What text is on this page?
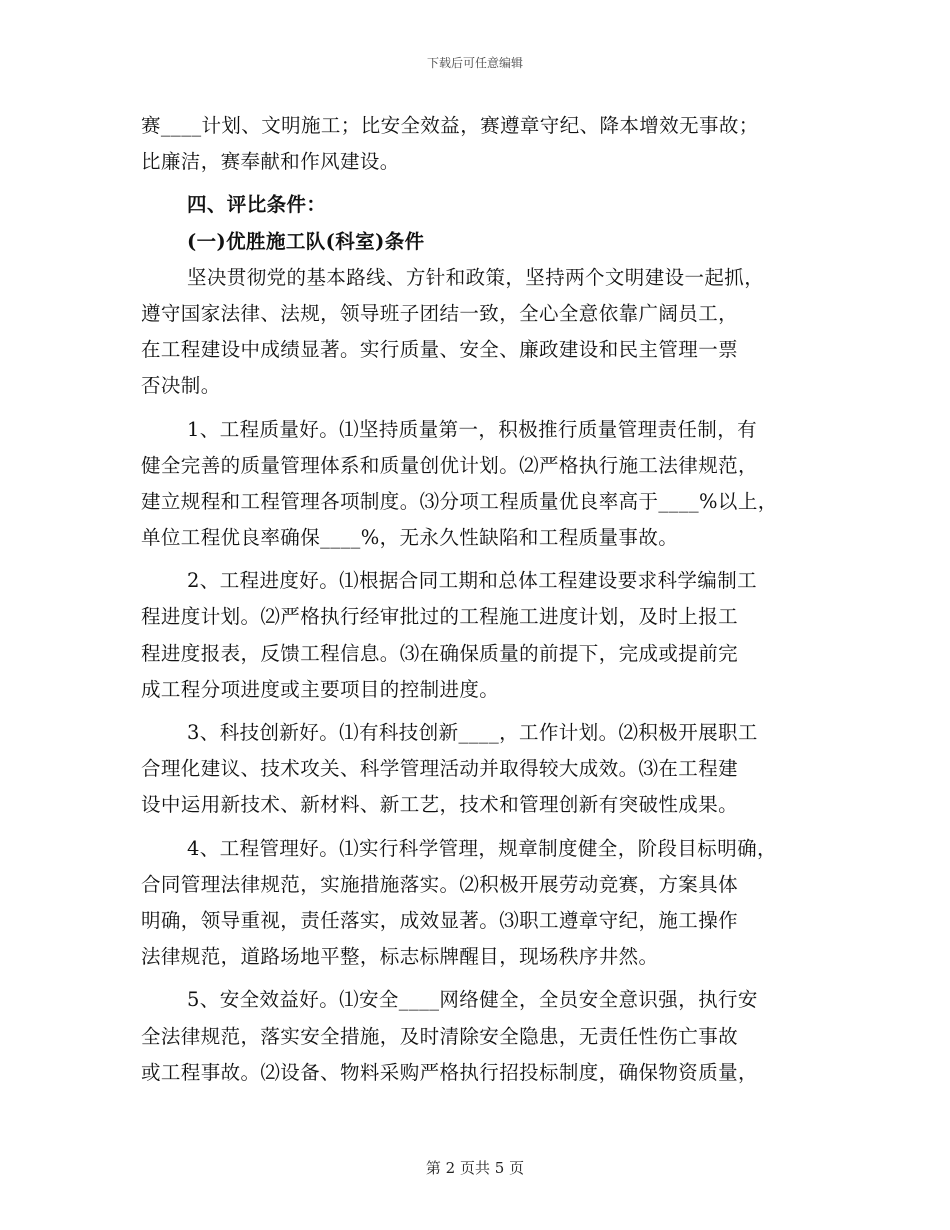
下载后可任意编辑
赛____计划、文明施工；比安全效益，赛遵章守纪、降本增效无事故；
比廉洁，赛奉献和作风建设。
四、评比条件：
(一)优胜施工队(科室)条件
坚决贯彻党的基本路线、方针和政策，坚持两个文明建设一起抓，
遵守国家法律、法规，领导班子团结一致，全心全意依靠广阔员工，
在工程建设中成绩显著。实行质量、安全、廉政建设和民主管理一票
否决制。
1、工程质量好。⑴坚持质量第一，积极推行质量管理责任制，有
健全完善的质量管理体系和质量创优计划。⑵严格执行施工法律规范，
建立规程和工程管理各项制度。⑶分项工程质量优良率高于____%以上，
单位工程优良率确保____%，无永久性缺陷和工程质量事故。
2、工程进度好。⑴根据合同工期和总体工程建设要求科学编制工
程进度计划。⑵严格执行经审批过的工程施工进度计划，及时上报工
程进度报表，反馈工程信息。⑶在确保质量的前提下，完成或提前完
成工程分项进度或主要项目的控制进度。
3、科技创新好。⑴有科技创新____，工作计划。⑵积极开展职工
合理化建议、技术攻关、科学管理活动并取得较大成效。⑶在工程建
设中运用新技术、新材料、新工艺，技术和管理创新有突破性成果。
4、工程管理好。⑴实行科学管理，规章制度健全，阶段目标明确，
合同管理法律规范，实施措施落实。⑵积极开展劳动竞赛，方案具体
明确，领导重视，责任落实，成效显著。⑶职工遵章守纪，施工操作
法律规范，道路场地平整，标志标牌醒目，现场秩序井然。
5、安全效益好。⑴安全____网络健全，全员安全意识强，执行安
全法律规范，落实安全措施，及时清除安全隐患，无责任性伤亡事故
或工程事故。⑵设备、物料采购严格执行招投标制度，确保物资质量，
第 2 页共 5 页
